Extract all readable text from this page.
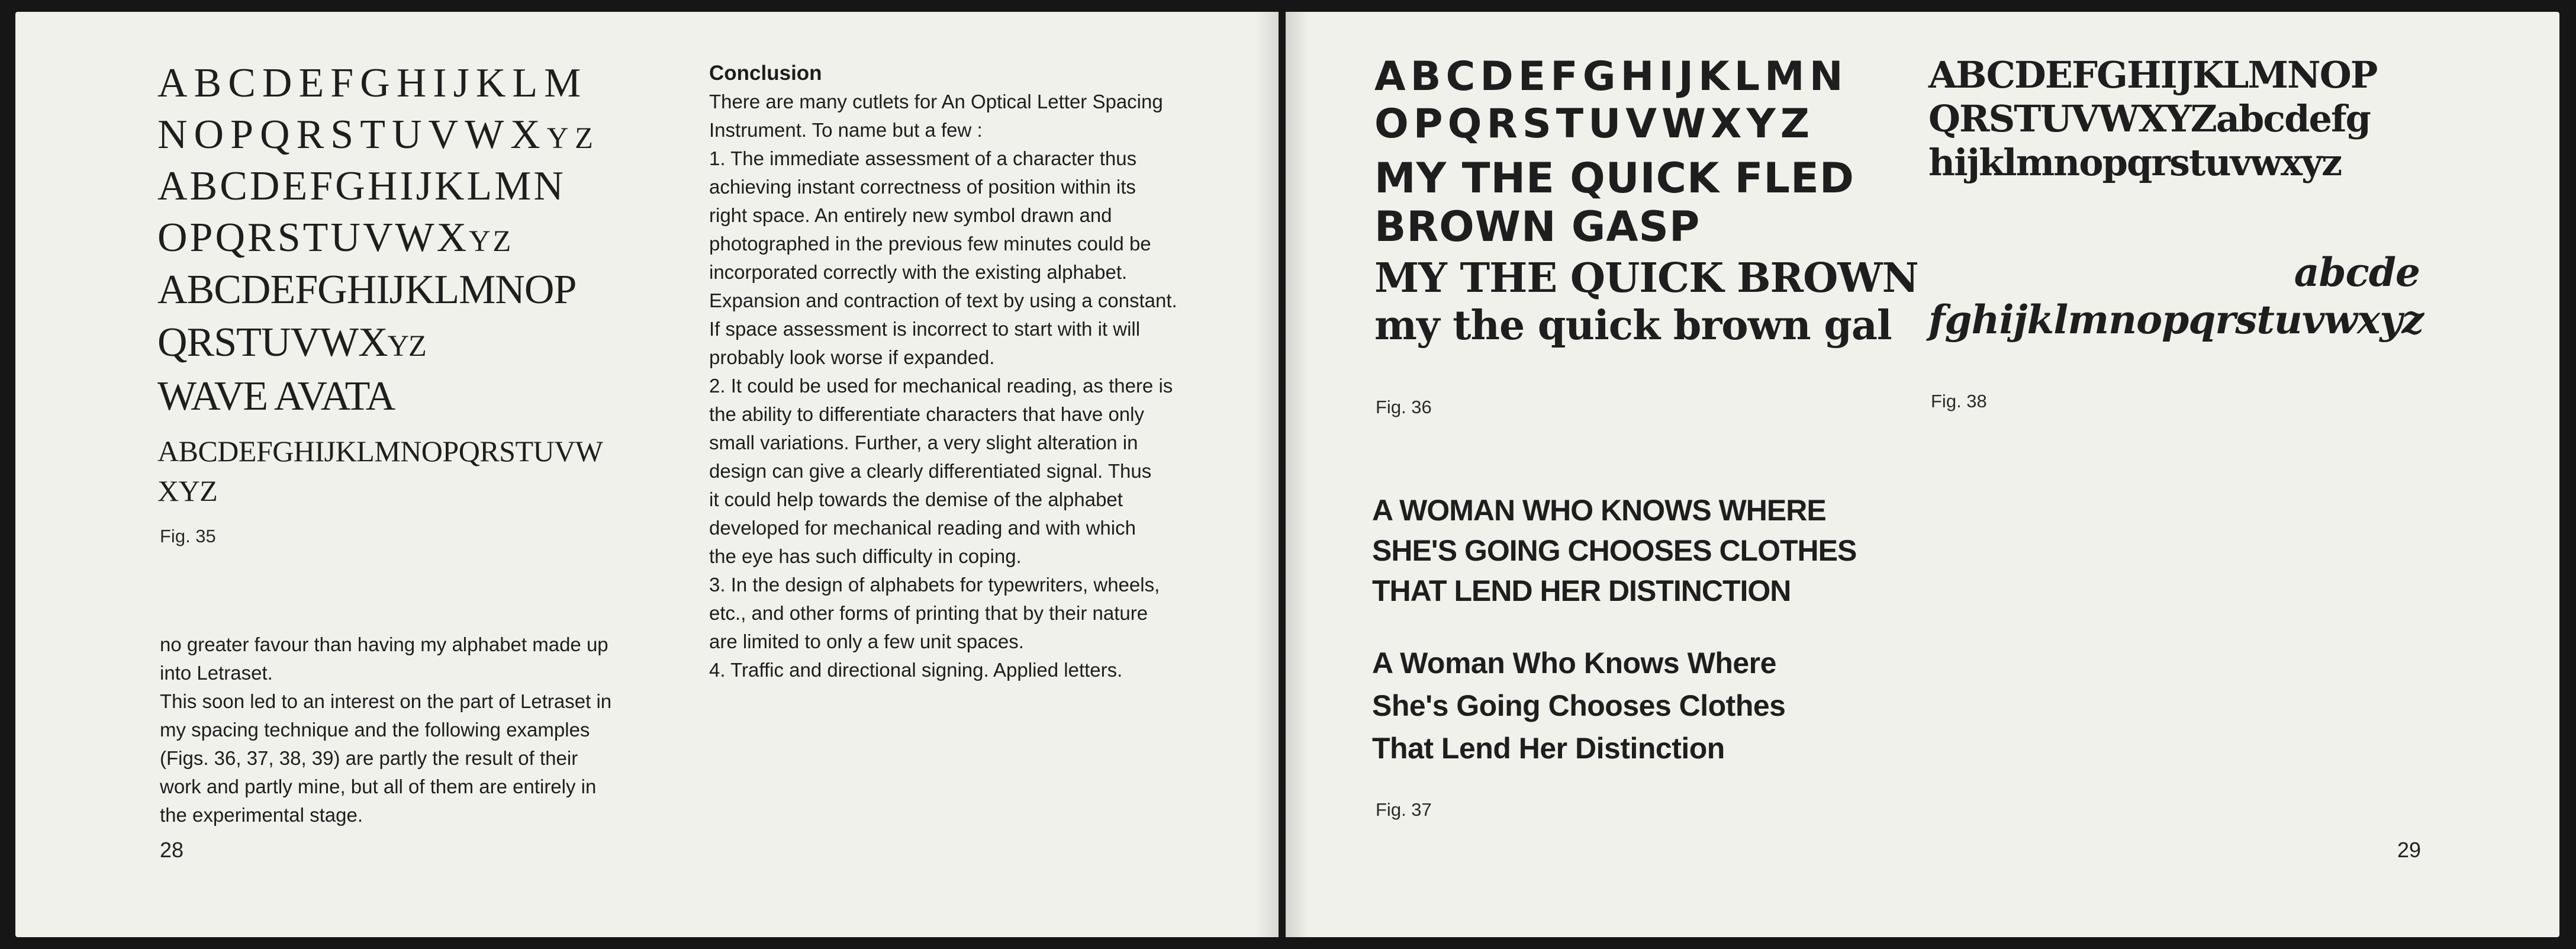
ABCDEFGHIJKLM
NOPQRSTUVWXYZ
ABCDEFGHIJKLMN
OPQRSTUVWXYZ
ABCDEFGHIJKLMNOP
QRSTUVWXYZ
WAVE AVATA
ABCDEFGHIJKLMNOPQRSTUVW
XYZ
Fig. 35
no greater favour than having my alphabet made up
into Letraset.
This soon led to an interest on the part of Letraset in
my spacing technique and the following examples
(Figs. 36, 37, 38, 39) are partly the result of their
work and partly mine, but all of them are entirely in
the experimental stage.
28
Conclusion
There are many cutlets for An Optical Letter Spacing
Instrument. To name but a few :
1. The immediate assessment of a character thus
achieving instant correctness of position within its
right space. An entirely new symbol drawn and
photographed in the previous few minutes could be
incorporated correctly with the existing alphabet.
Expansion and contraction of text by using a constant.
If space assessment is incorrect to start with it will
probably look worse if expanded.
2. It could be used for mechanical reading, as there is
the ability to differentiate characters that have only
small variations. Further, a very slight alteration in
design can give a clearly differentiated signal. Thus
it could help towards the demise of the alphabet
developed for mechanical reading and with which
the eye has such difficulty in coping.
3. In the design of alphabets for typewriters, wheels,
etc., and other forms of printing that by their nature
are limited to only a few unit spaces.
4. Traffic and directional signing. Applied letters.
ABCDEFGHIJKLMN
OPQRSTUVWXYZ
MY THE QUICK FLED
BROWN GASP
MY THE QUICK BROWN
my the quick brown gal
Fig. 36
ABCDEFGHIJKLMNOP
QRSTUVWXYZabcdefg
hijklmnopqrstuvwxyz
abcde
fghijklmnopqrstuvwxyz
Fig. 38
A WOMAN WHO KNOWS WHERE
SHE'S GOING CHOOSES CLOTHES
THAT LEND HER DISTINCTION
A Woman Who Knows Where
She's Going Chooses Clothes
That Lend Her Distinction
Fig. 37
29
